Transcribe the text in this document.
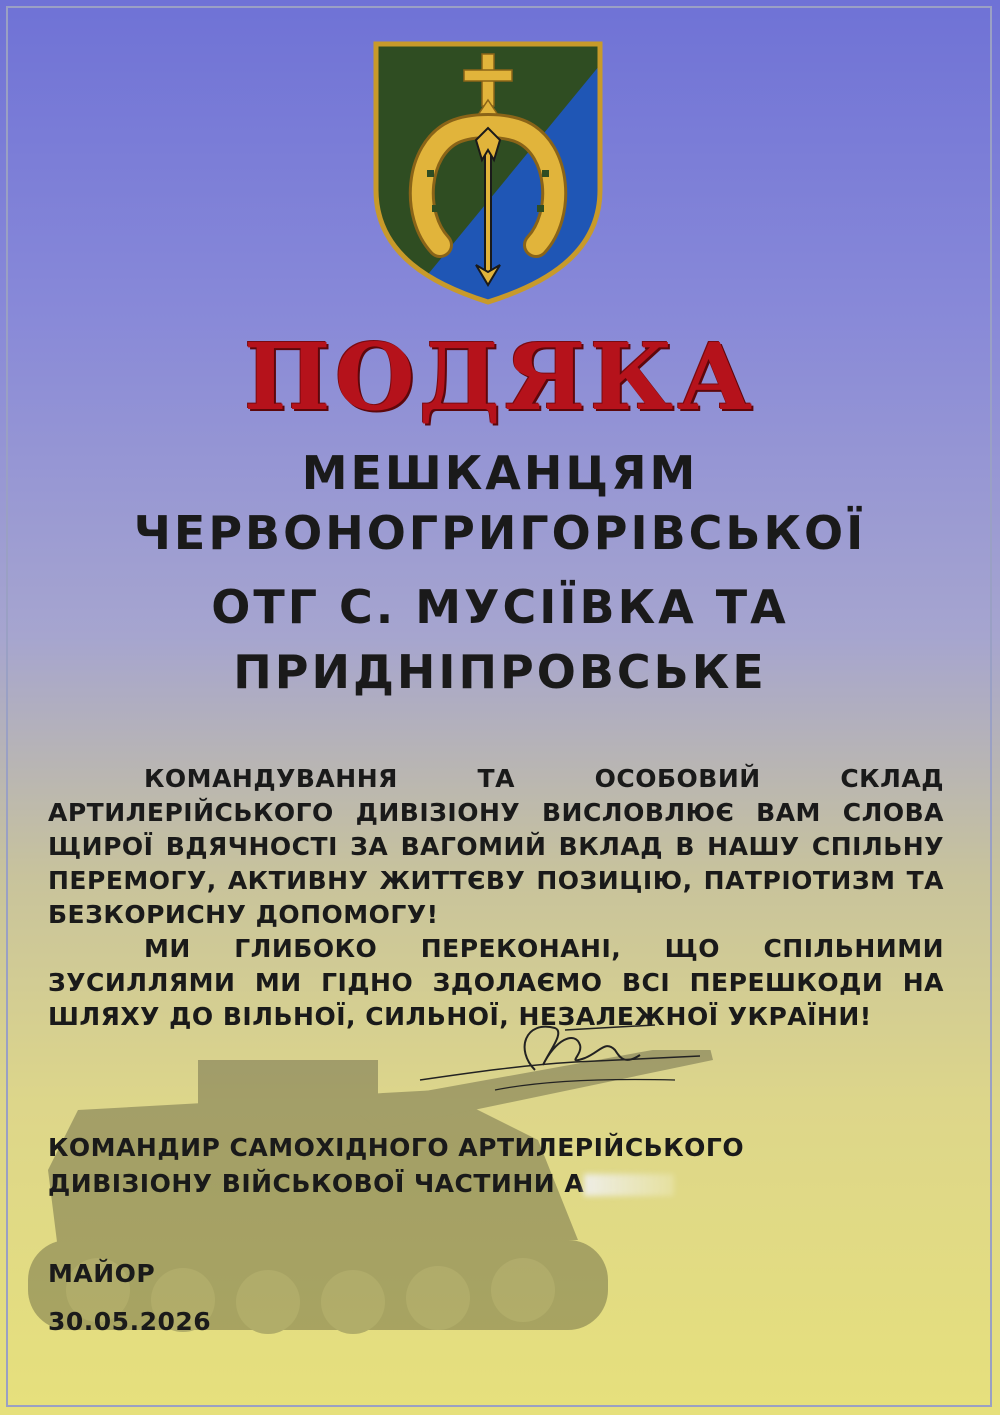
ПОДЯКА
МЕШКАНЦЯМ
ЧЕРВОНОГРИГОРІВСЬКОЇ
ОТГ С. МУСІЇВКА ТА
ПРИДНІПРОВСЬКЕ
КОМАНДУВАННЯ ТА ОСОБОВИЙ СКЛАД АРТИЛЕРІЙСЬКОГО ДИВІЗІОНУ ВИСЛОВЛЮЄ ВАМ СЛОВА ЩИРОЇ ВДЯЧНОСТІ ЗА ВАГОМИЙ ВКЛАД В НАШУ СПІЛЬНУ ПЕРЕМОГУ, АКТИВНУ ЖИТТЄВУ ПОЗИЦІЮ, ПАТРІОТИЗМ ТА БЕЗКОРИСНУ ДОПОМОГУ!
МИ ГЛИБОКО ПЕРЕКОНАНІ, ЩО СПІЛЬНИМИ ЗУСИЛЛЯМИ МИ ГІДНО ЗДОЛАЄМО ВСІ ПЕРЕШКОДИ НА ШЛЯХУ ДО ВІЛЬНОЇ, СИЛЬНОЇ, НЕЗАЛЕЖНОЇ УКРАЇНИ!
КОМАНДИР САМОХІДНОГО АРТИЛЕРІЙСЬКОГО
ДИВІЗІОНУ ВІЙСЬКОВОЇ ЧАСТИНИ А
МАЙОР
30.05.2026
